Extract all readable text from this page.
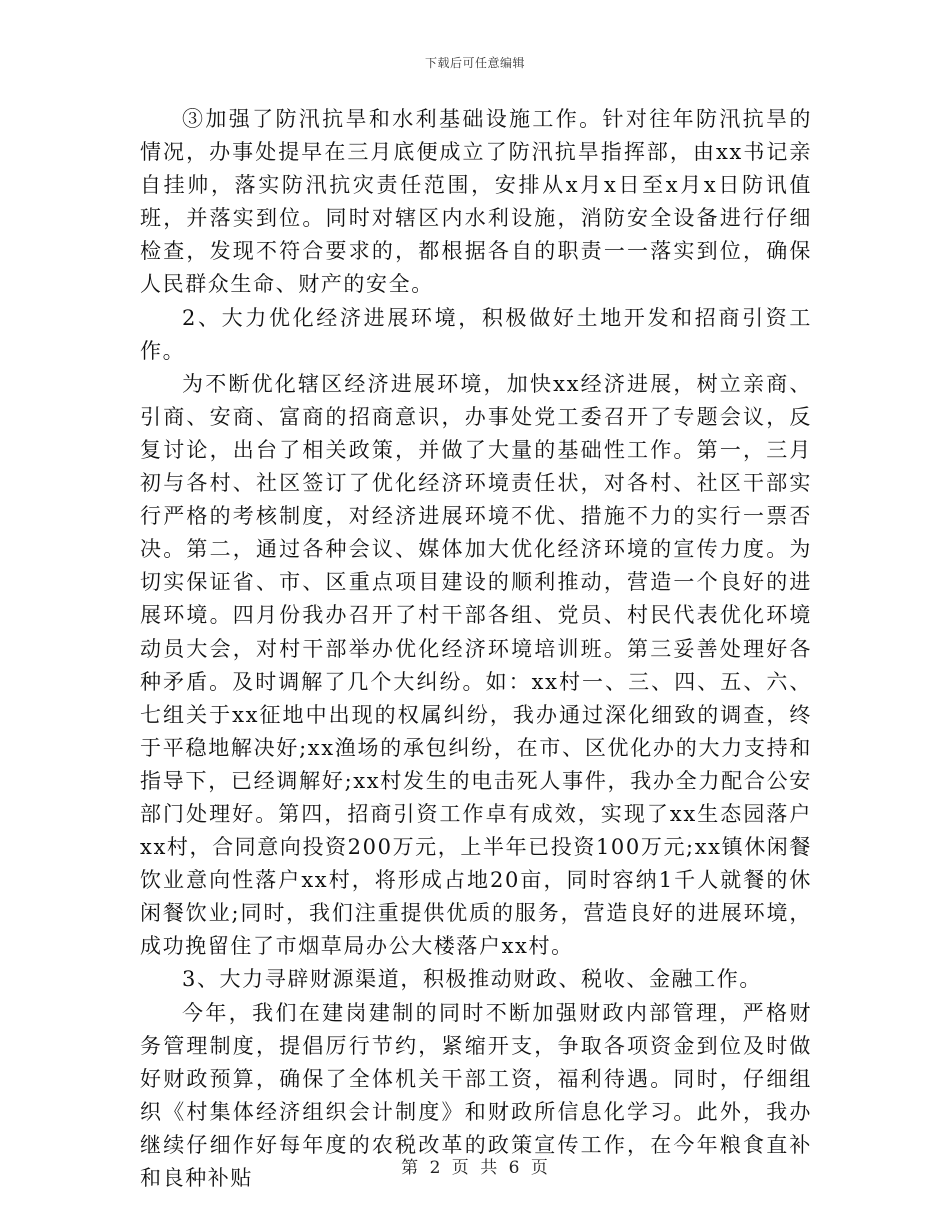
下载后可任意编辑

③加强了防汛抗旱和水利基础设施工作。针对往年防汛抗旱的情况，办事处提早在三月底便成立了防汛抗旱指挥部，由xx书记亲自挂帅，落实防汛抗灾责任范围，安排从x月x日至x月x日防讯值班，并落实到位。同时对辖区内水利设施，消防安全设备进行仔细检查，发现不符合要求的，都根据各自的职责一一落实到位，确保人民群众生命、财产的安全。

2、大力优化经济进展环境，积极做好土地开发和招商引资工作。

为不断优化辖区经济进展环境，加快xx经济进展，树立亲商、引商、安商、富商的招商意识，办事处党工委召开了专题会议，反复讨论，出台了相关政策，并做了大量的基础性工作。第一，三月初与各村、社区签订了优化经济环境责任状，对各村、社区干部实行严格的考核制度，对经济进展环境不优、措施不力的实行一票否决。第二，通过各种会议、媒体加大优化经济环境的宣传力度。为切实保证省、市、区重点项目建设的顺利推动，营造一个良好的进展环境。四月份我办召开了村干部各组、党员、村民代表优化环境动员大会，对村干部举办优化经济环境培训班。第三妥善处理好各种矛盾。及时调解了几个大纠纷。如：xx村一、三、四、五、六、七组关于xx征地中出现的权属纠纷，我办通过深化细致的调查，终于平稳地解决好;xx渔场的承包纠纷，在市、区优化办的大力支持和指导下，已经调解好;xx村发生的电击死人事件，我办全力配合公安部门处理好。第四，招商引资工作卓有成效，实现了xx生态园落户xx村，合同意向投资200万元，上半年已投资100万元;xx镇休闲餐饮业意向性落户xx村，将形成占地20亩，同时容纳1千人就餐的休闲餐饮业;同时，我们注重提供优质的服务，营造良好的进展环境，成功挽留住了市烟草局办公大楼落户xx村。

3、大力寻辟财源渠道，积极推动财政、税收、金融工作。

今年，我们在建岗建制的同时不断加强财政内部管理，严格财务管理制度，提倡厉行节约，紧缩开支，争取各项资金到位及时做好财政预算，确保了全体机关干部工资，福利待遇。同时，仔细组织《村集体经济组织会计制度》和财政所信息化学习。此外，我办继续仔细作好每年度的农税改革的政策宣传工作，在今年粮食直补和良种补贴	第 2 页 共 6 页
